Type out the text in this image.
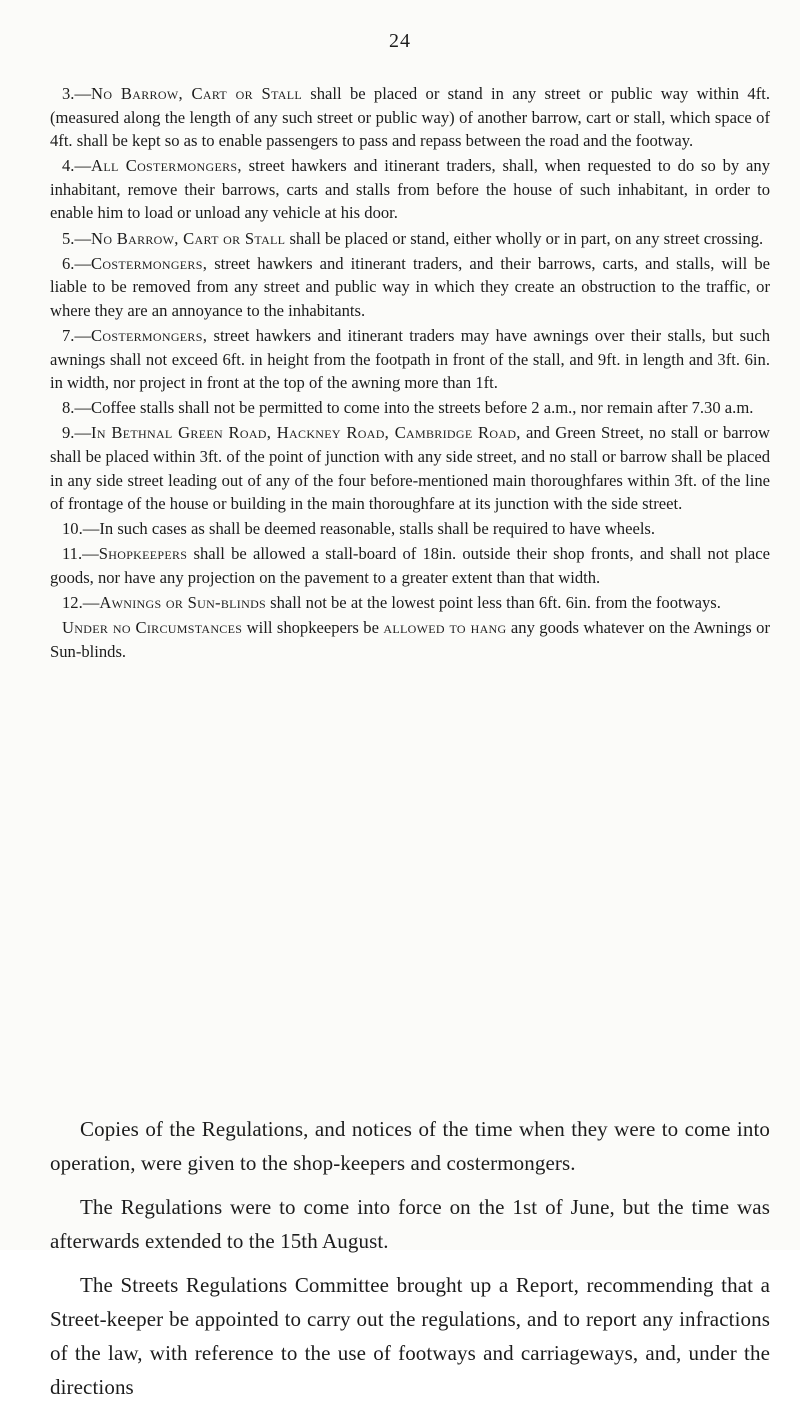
24

3.—No Barrow, Cart or Stall shall be placed or stand in any street or public way within 4ft. (measured along the length of any such street or public way) of another barrow, cart or stall, which space of 4ft. shall be kept so as to enable passengers to pass and repass between the road and the footway.

4.—All Costermongers, street hawkers and itinerant traders, shall, when requested to do so by any inhabitant, remove their barrows, carts and stalls from before the house of such inhabitant, in order to enable him to load or unload any vehicle at his door.

5.—No Barrow, Cart or Stall shall be placed or stand, either wholly or in part, on any street crossing.

6.—Costermongers, street hawkers and itinerant traders, and their barrows, carts, and stalls, will be liable to be removed from any street and public way in which they create an obstruction to the traffic, or where they are an annoyance to the inhabitants.

7.—Costermongers, street hawkers and itinerant traders may have awnings over their stalls, but such awnings shall not exceed 6ft. in height from the footpath in front of the stall, and 9ft. in length and 3ft. 6in. in width, nor project in front at the top of the awning more than 1ft.

8.—Coffee stalls shall not be permitted to come into the streets before 2 a.m., nor remain after 7.30 a.m.

9.—In Bethnal Green Road, Hackney Road, Cambridge Road, and Green Street, no stall or barrow shall be placed within 3ft. of the point of junction with any side street, and no stall or barrow shall be placed in any side street leading out of any of the four before-mentioned main thoroughfares within 3ft. of the line of frontage of the house or building in the main thoroughfare at its junction with the side street.

10.—In such cases as shall be deemed reasonable, stalls shall be required to have wheels.

11.—Shopkeepers shall be allowed a stall-board of 18in. outside their shop fronts, and shall not place goods, nor have any projection on the pavement to a greater extent than that width.

12.—Awnings or Sun-blinds shall not be at the lowest point less than 6ft. 6in. from the footways.

Under no Circumstances will shopkeepers be allowed to hang any goods whatever on the Awnings or Sun-blinds.

Copies of the Regulations, and notices of the time when they were to come into operation, were given to the shop-keepers and costermongers.

The Regulations were to come into force on the 1st of June, but the time was afterwards extended to the 15th August.

The Streets Regulations Committee brought up a Report, recommending that a Street-keeper be appointed to carry out the regulations, and to report any infractions of the law, with reference to the use of footways and carriageways, and, under the directions
